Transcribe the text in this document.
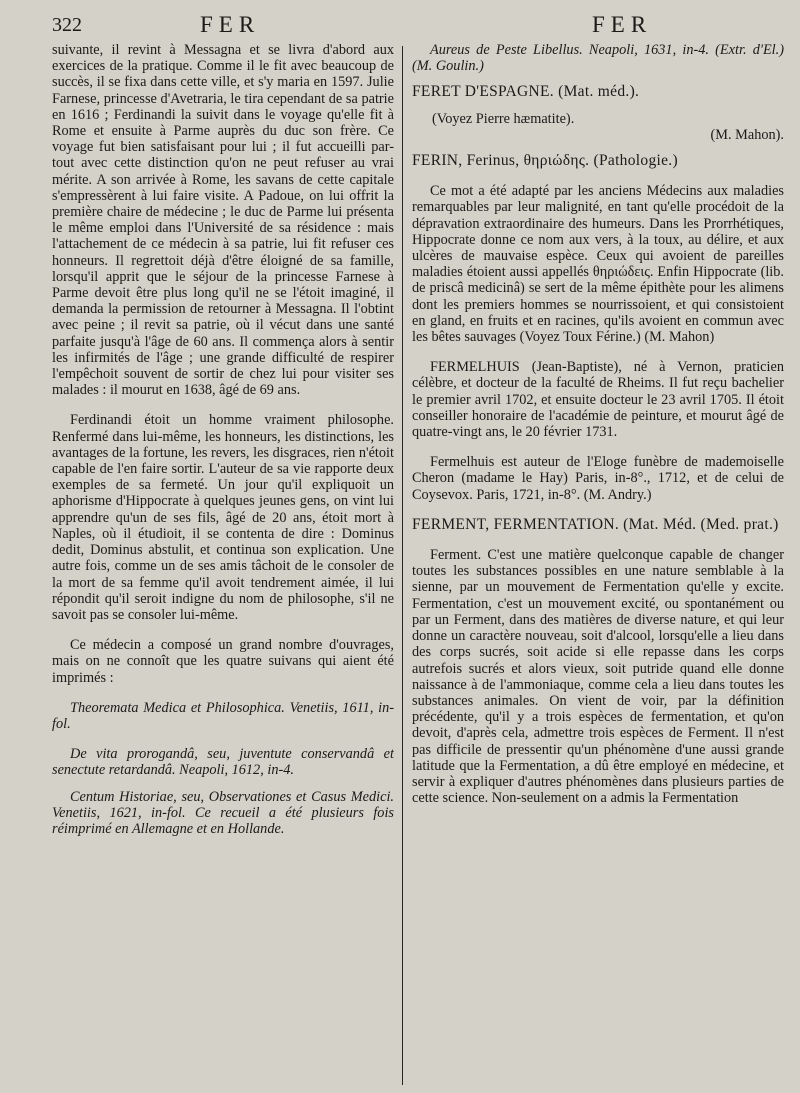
322	FER	FER

suivante, il revint à Messagna et se livra d'abord aux exercices de la pratique. Comme il le fit avec beaucoup de succès, il se fixa dans cette ville, et s'y maria en 1597. Julie Farnese, princesse d'Avetraria, le tira cependant de sa patrie en 1616 ; Ferdinandi la suivit dans le voyage qu'elle fit à Rome et ensuite à Parme auprès du duc son frère. Ce voyage fut bien satisfaisant pour lui ; il fut accueilli par-tout avec cette distinction qu'on ne peut refuser au vrai mérite. A son arrivée à Rome, les savans de cette capitale s'empressèrent à lui faire visite. A Padoue, on lui offrit la première chaire de médecine ; le duc de Parme lui présenta le même emploi dans l'Université de sa résidence : mais l'attachement de ce médecin à sa patrie, lui fit refuser ces honneurs. Il regrettoit déjà d'être éloigné de sa famille, lorsqu'il apprit que le séjour de la princesse Farnese à Parme devoit être plus long qu'il ne se l'étoit imaginé, il demanda la permission de retourner à Messagna. Il l'obtint avec peine ; il revit sa patrie, où il vécut dans une santé parfaite jusqu'à l'âge de 60 ans. Il commença alors à sentir les infirmités de l'âge ; une grande difficulté de respirer l'empêchoit souvent de sortir de chez lui pour visiter ses malades : il mourut en 1638, âgé de 69 ans.

Ferdinandi étoit un homme vraiment philosophe. Renfermé dans lui-même, les honneurs, les distinctions, les avantages de la fortune, les revers, les disgraces, rien n'étoit capable de l'en faire sortir. L'auteur de sa vie rapporte deux exemples de sa fermeté. Un jour qu'il expliquoit un aphorisme d'Hippocrate à quelques jeunes gens, on vint lui apprendre qu'un de ses fils, âgé de 20 ans, étoit mort à Naples, où il étudioit, il se contenta de dire : Dominus dedit, Dominus abstulit, et continua son explication. Une autre fois, comme un de ses amis tâchoit de le consoler de la mort de sa femme qu'il avoit tendrement aimée, il lui répondit qu'il seroit indigne du nom de philosophe, s'il ne savoit pas se consoler lui-même.

Ce médecin a composé un grand nombre d'ouvrages, mais on ne connoît que les quatre suivans qui aient été imprimés :

Theoremata Medica et Philosophica. Venetiis, 1611, in-fol.

De vita prorogandâ, seu, juventute conservandâ et senectute retardandâ. Neapoli, 1612, in-4.

Centum Historiae, seu, Observationes et Casus Medici. Venetiis, 1621, in-fol. Ce recueil a été plusieurs fois réimprimé en Allemagne et en Hollande.

Aureus de Peste Libellus. Neapoli, 1631, in-4. (Extr. d'El.) (M. Goulin.)

FERET D'ESPAGNE. (Mat. méd.).

(Voyez Pierre hæmatite).

(M. Mahon).

FERIN, Ferinus, θηριώδης. (Pathologie.)

Ce mot a été adapté par les anciens Médecins aux maladies remarquables par leur malignité, en tant qu'elle procédoit de la dépravation extraordinaire des humeurs. Dans les Prorrhétiques, Hippocrate donne ce nom aux vers, à la toux, au délire, et aux ulcères de mauvaise espèce. Ceux qui avoient de pareilles maladies étoient aussi appellés θηριώδεις. Enfin Hippocrate (lib. de priscâ medicinâ) se sert de la même épithète pour les alimens dont les premiers hommes se nourrissoient, et qui consistoient en gland, en fruits et en racines, qu'ils avoient en commun avec les bêtes sauvages (Voyez Toux Férine.) (M. Mahon)

FERMELHUIS (Jean-Baptiste), né à Vernon, praticien célèbre, et docteur de la faculté de Rheims. Il fut reçu bachelier le premier avril 1702, et ensuite docteur le 23 avril 1705. Il étoit conseiller honoraire de l'académie de peinture, et mourut âgé de quatre-vingt ans, le 20 février 1731.

Fermelhuis est auteur de l'Eloge funèbre de mademoiselle Cheron (madame le Hay) Paris, in-8°., 1712, et de celui de Coysevox. Paris, 1721, in-8°. (M. Andry.)

FERMENT, FERMENTATION. (Mat. Méd. (Med. prat.)

Ferment. C'est une matière quelconque capable de changer toutes les substances possibles en une nature semblable à la sienne, par un mouvement de Fermentation qu'elle y excite. Fermentation, c'est un mouvement excité, ou spontanément ou par un Ferment, dans des matières de diverse nature, et qui leur donne un caractère nouveau, soit d'alcool, lorsqu'elle a lieu dans des corps sucrés, soit acide si elle repasse dans les corps autrefois sucrés et alors vieux, soit putride quand elle donne naissance à de l'ammoniaque, comme cela a lieu dans toutes les substances animales. On vient de voir, par la définition précédente, qu'il y a trois espèces de fermentation, et qu'on devoit, d'après cela, admettre trois espèces de Ferment. Il n'est pas difficile de pressentir qu'un phénomène d'une aussi grande latitude que la Fermentation, a dû être employé en médecine, et servir à expliquer d'autres phénomènes dans plusieurs parties de cette science. Non-seulement on a admis la Fermentation
